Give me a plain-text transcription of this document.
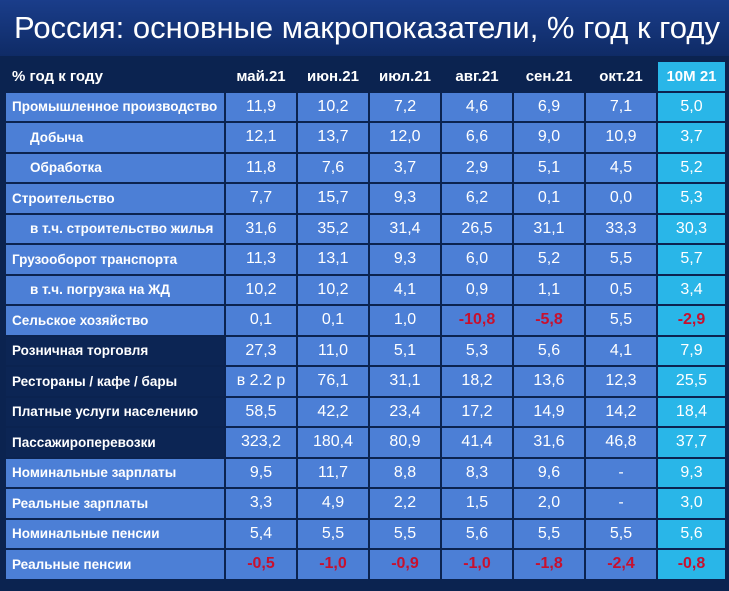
Россия: основные макропоказатели, % год к году
% год к году	май.21	июн.21	июл.21	авг.21	сен.21	окт.21	10М 21
Промышленное производство	11,9	10,2	7,2	4,6	6,9	7,1	5,0
Добыча	12,1	13,7	12,0	6,6	9,0	10,9	3,7
Обработка	11,8	7,6	3,7	2,9	5,1	4,5	5,2
Строительство	7,7	15,7	9,3	6,2	0,1	0,0	5,3
в т.ч. строительство жилья	31,6	35,2	31,4	26,5	31,1	33,3	30,3
Грузооборот транспорта	11,3	13,1	9,3	6,0	5,2	5,5	5,7
в т.ч. погрузка на ЖД	10,2	10,2	4,1	0,9	1,1	0,5	3,4
Сельское хозяйство	0,1	0,1	1,0	-10,8	-5,8	5,5	-2,9
Розничная торговля	27,3	11,0	5,1	5,3	5,6	4,1	7,9
Рестораны / кафе / бары	в 2.2 р	76,1	31,1	18,2	13,6	12,3	25,5
Платные услуги населению	58,5	42,2	23,4	17,2	14,9	14,2	18,4
Пассажироперевозки	323,2	180,4	80,9	41,4	31,6	46,8	37,7
Номинальные зарплаты	9,5	11,7	8,8	8,3	9,6	-	9,3
Реальные зарплаты	3,3	4,9	2,2	1,5	2,0	-	3,0
Номинальные пенсии	5,4	5,5	5,5	5,6	5,5	5,5	5,6
Реальные пенсии	-0,5	-1,0	-0,9	-1,0	-1,8	-2,4	-0,8
